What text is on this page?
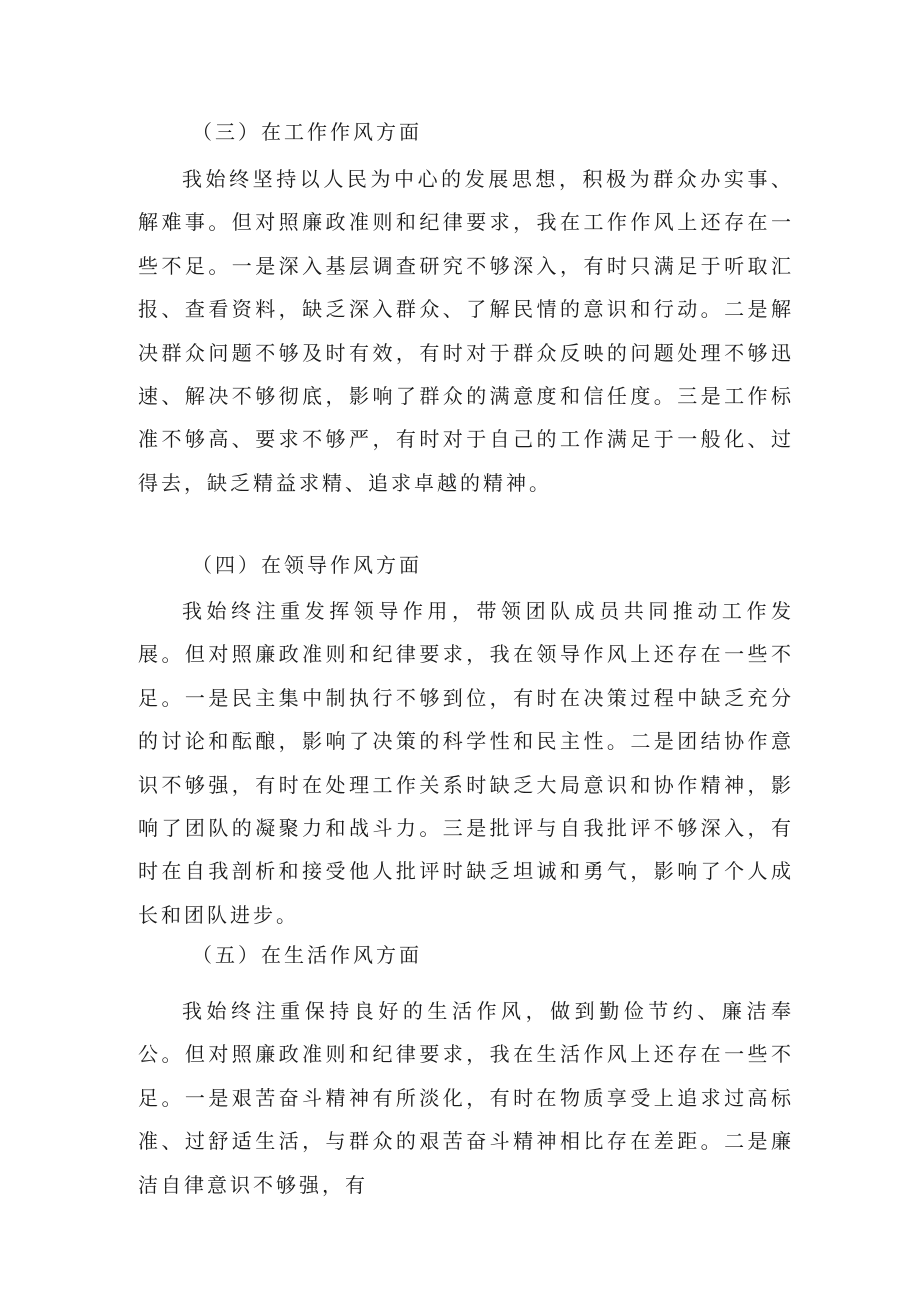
（三）在工作作风方面
我始终坚持以人民为中心的发展思想，积极为群众办实事、解难事。但对照廉政准则和纪律要求，我在工作作风上还存在一些不足。一是深入基层调查研究不够深入，有时只满足于听取汇报、查看资料，缺乏深入群众、了解民情的意识和行动。二是解决群众问题不够及时有效，有时对于群众反映的问题处理不够迅速、解决不够彻底，影响了群众的满意度和信任度。三是工作标准不够高、要求不够严，有时对于自己的工作满足于一般化、过得去，缺乏精益求精、追求卓越的精神。
（四）在领导作风方面
我始终注重发挥领导作用，带领团队成员共同推动工作发展。但对照廉政准则和纪律要求，我在领导作风上还存在一些不足。一是民主集中制执行不够到位，有时在决策过程中缺乏充分的讨论和酝酿，影响了决策的科学性和民主性。二是团结协作意识不够强，有时在处理工作关系时缺乏大局意识和协作精神，影响了团队的凝聚力和战斗力。三是批评与自我批评不够深入，有时在自我剖析和接受他人批评时缺乏坦诚和勇气，影响了个人成长和团队进步。
（五）在生活作风方面
我始终注重保持良好的生活作风，做到勤俭节约、廉洁奉公。但对照廉政准则和纪律要求，我在生活作风上还存在一些不足。一是艰苦奋斗精神有所淡化，有时在物质享受上追求过高标准、过舒适生活，与群众的艰苦奋斗精神相比存在差距。二是廉洁自律意识不够强，有
